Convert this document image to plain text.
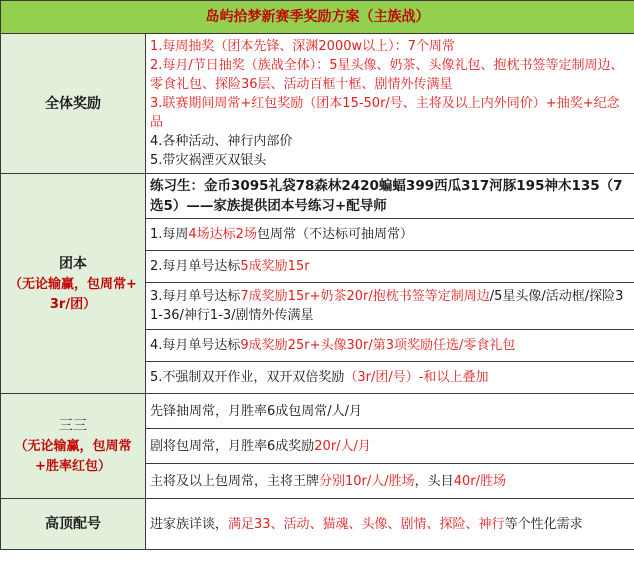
岛屿拾梦新赛季奖励方案（主族战）	
全体奖励	1.每周抽奖（团本先锋、深渊2000w以上）：7个周常

2.每月/节日抽奖（族战全体）：5星头像、奶茶、头像礼包、抱枕书签等定制周边、零食礼包、探险36层、活动百框十框、剧情外传满星

3.联赛期间周常+红包奖励（团本15-50r/号、主将及以上内外同价）+抽奖+纪念品

4.各种活动、神行内部价

5.带灾祸湮灭双银头

团本
（无论输赢，包周常+3r/团）	练习生：金币3095礼袋78森林2420蝙蝠399西瓜317河豚195神木135（7选5）——家族提供团本号练习+配导师
	1.每周4场达标2场包周常（不达标可抽周常）
	2.每月单号达标5成奖励15r
	3.每月单号达标7成奖励15r+奶茶20r/抱枕书签等定制周边/5星头像/活动框/探险31-36/神行1-3/剧情外传满星
	4.每月单号达标9成奖励25r+头像30r/第3项奖励任选/零食礼包
	5.不强制双开作业，双开双倍奖励（3r/团/号）-和以上叠加
三三
（无论输赢，包周常+胜率红包）	先锋抽周常，月胜率6成包周常/人/月
	剧将包周常，月胜率6成奖励20r/人/月
	主将及以上包周常，主将王牌分别10r/人/胜场，头目40r/胜场
高顶配号	进家族详谈，满足33、活动、猫魂、头像、剧情、探险、神行等个性化需求
